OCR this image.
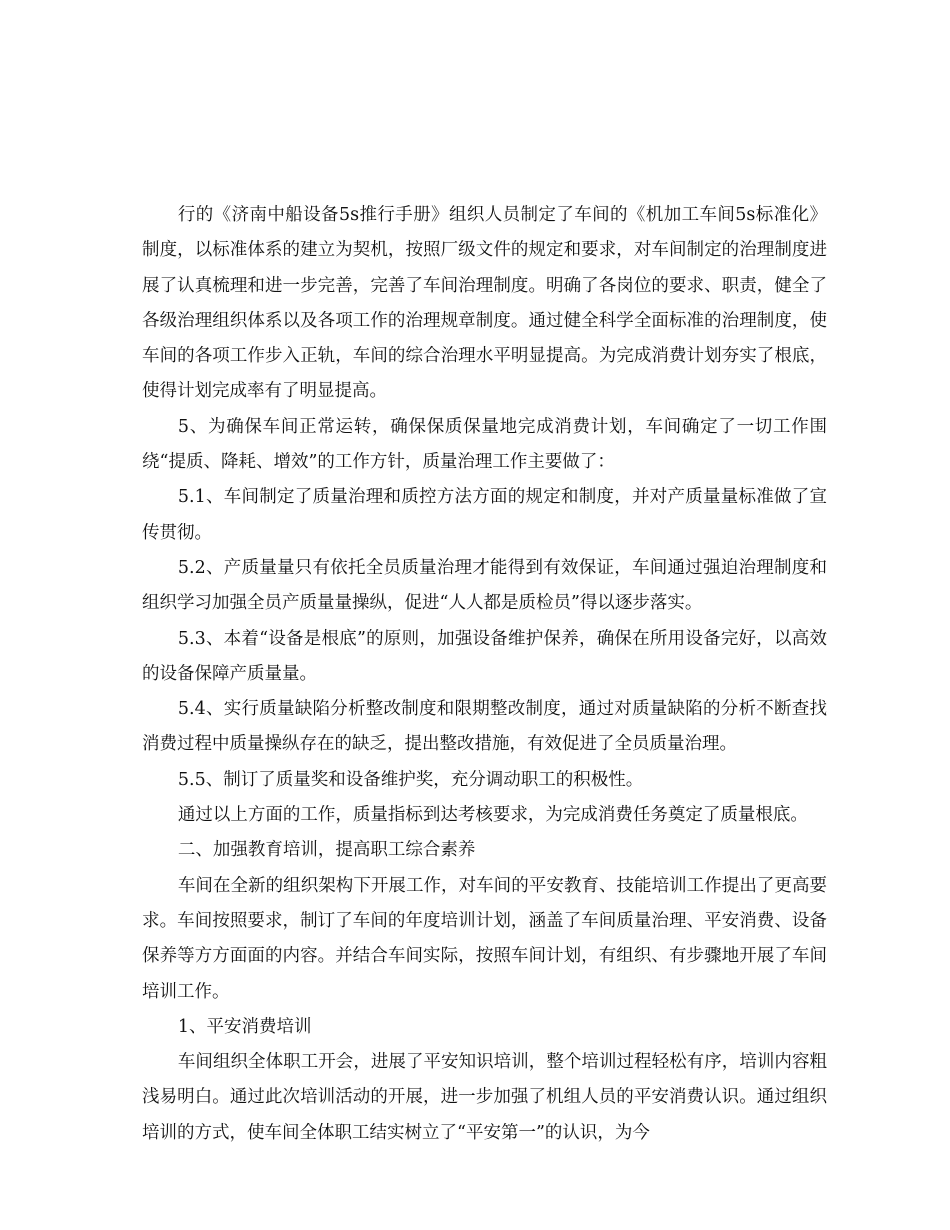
行的《济南中船设备5s推行手册》组织人员制定了车间的《机加工车间5s标准化》制度，以标准体系的建立为契机，按照厂级文件的规定和要求，对车间制定的治理制度进展了认真梳理和进一步完善，完善了车间治理制度。明确了各岗位的要求、职责，健全了各级治理组织体系以及各项工作的治理规章制度。通过健全科学全面标准的治理制度，使车间的各项工作步入正轨，车间的综合治理水平明显提高。为完成消费计划夯实了根底，使得计划完成率有了明显提高。

5、为确保车间正常运转，确保保质保量地完成消费计划，车间确定了一切工作围绕“提质、降耗、增效”的工作方针，质量治理工作主要做了：

5.1、车间制定了质量治理和质控方法方面的规定和制度，并对产质量量标准做了宣传贯彻。

5.2、产质量量只有依托全员质量治理才能得到有效保证，车间通过强迫治理制度和组织学习加强全员产质量量操纵，促进“人人都是质检员”得以逐步落实。

5.3、本着“设备是根底”的原则，加强设备维护保养，确保在所用设备完好，以高效的设备保障产质量量。

5.4、实行质量缺陷分析整改制度和限期整改制度，通过对质量缺陷的分析不断查找消费过程中质量操纵存在的缺乏，提出整改措施，有效促进了全员质量治理。

5.5、制订了质量奖和设备维护奖，充分调动职工的积极性。

通过以上方面的工作，质量指标到达考核要求，为完成消费任务奠定了质量根底。

二、加强教育培训，提高职工综合素养

车间在全新的组织架构下开展工作，对车间的平安教育、技能培训工作提出了更高要求。车间按照要求，制订了车间的年度培训计划，涵盖了车间质量治理、平安消费、设备保养等方方面面的内容。并结合车间实际，按照车间计划，有组织、有步骤地开展了车间培训工作。

1、平安消费培训

车间组织全体职工开会，进展了平安知识培训，整个培训过程轻松有序，培训内容粗浅易明白。通过此次培训活动的开展，进一步加强了机组人员的平安消费认识。通过组织培训的方式，使车间全体职工结实树立了“平安第一”的认识，为今
